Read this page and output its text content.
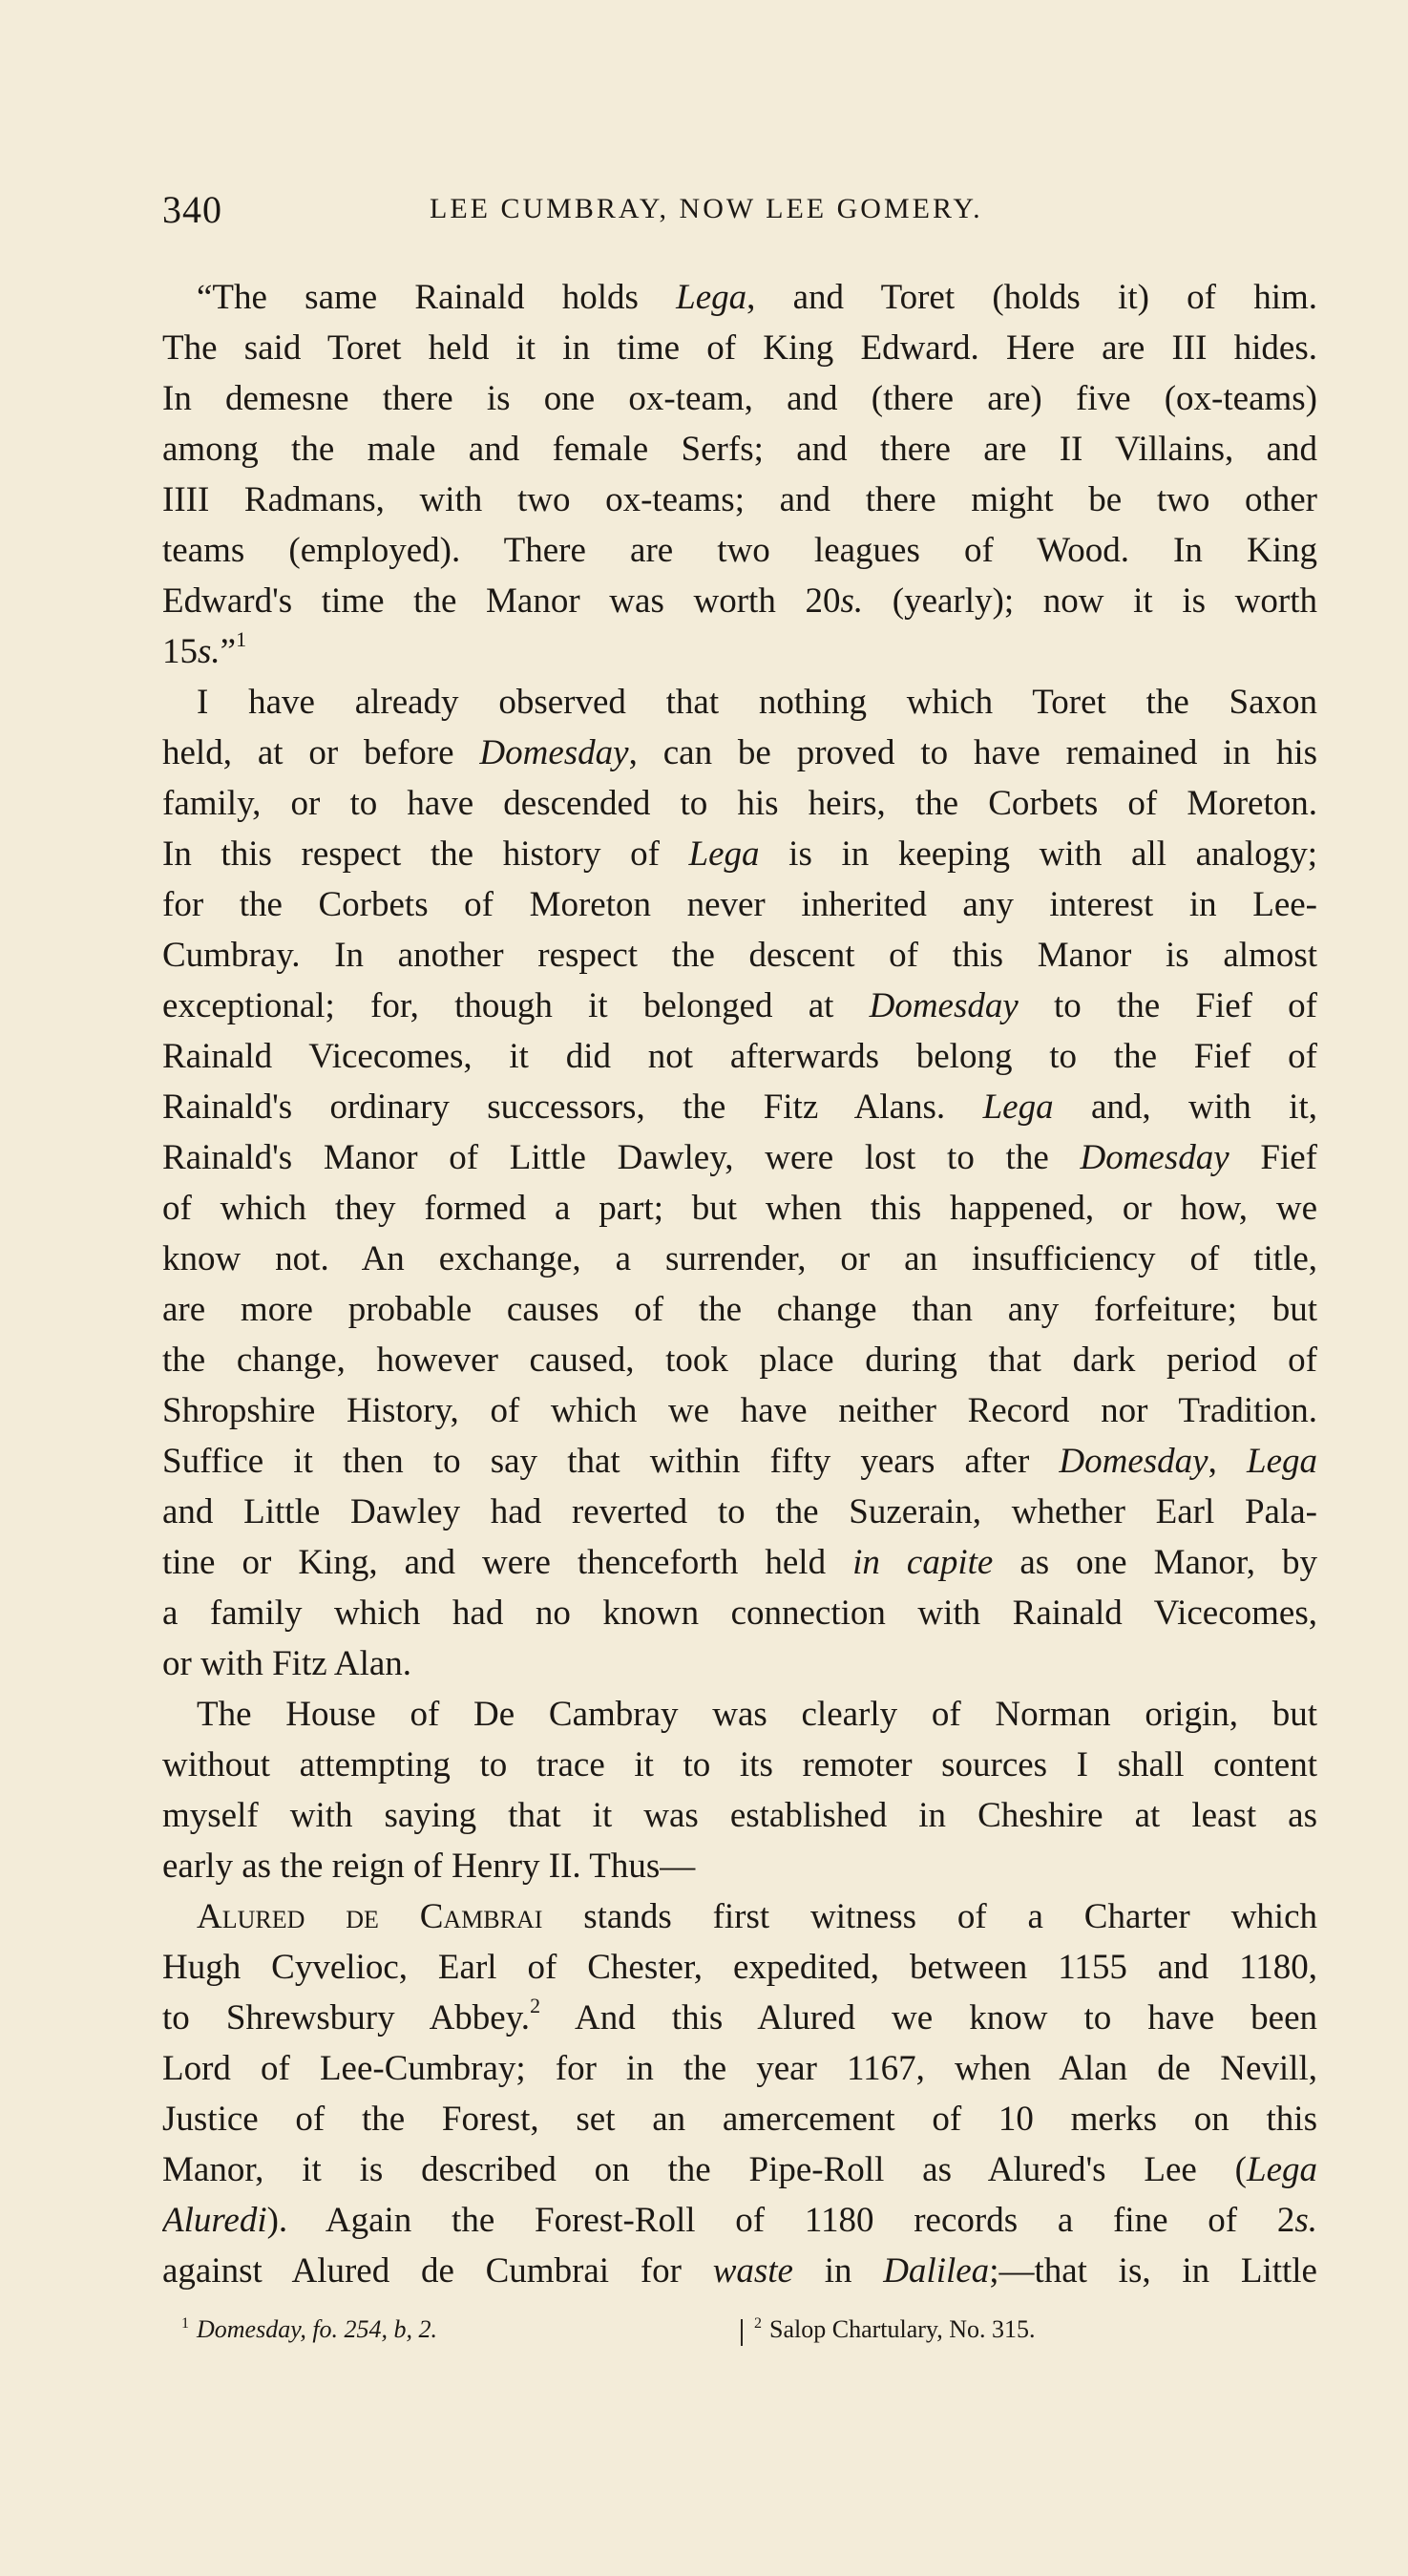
340	LEE CUMBRAY, NOW LEE GOMERY.
“The same Rainald holds Lega, and Toret (holds it) of him.
The said Toret held it in time of King Edward. Here are III hides.
In demesne there is one ox-team, and (there are) five (ox-teams)
among the male and female Serfs; and there are II Villains, and
IIII Radmans, with two ox-teams; and there might be two other
teams (employed). There are two leagues of Wood. In King
Edward's time the Manor was worth 20s. (yearly); now it is worth
15s.”$^1$
I have already observed that nothing which Toret the Saxon
held, at or before Domesday, can be proved to have remained in his
family, or to have descended to his heirs, the Corbets of Moreton.
In this respect the history of Lega is in keeping with all analogy;
for the Corbets of Moreton never inherited any interest in Lee-
Cumbray. In another respect the descent of this Manor is almost
exceptional; for, though it belonged at Domesday to the Fief of
Rainald Vicecomes, it did not afterwards belong to the Fief of
Rainald's ordinary successors, the Fitz Alans. Lega and, with it,
Rainald's Manor of Little Dawley, were lost to the Domesday Fief
of which they formed a part; but when this happened, or how, we
know not. An exchange, a surrender, or an insufficiency of title,
are more probable causes of the change than any forfeiture; but
the change, however caused, took place during that dark period of
Shropshire History, of which we have neither Record nor Tradition.
Suffice it then to say that within fifty years after Domesday, Lega
and Little Dawley had reverted to the Suzerain, whether Earl Pala-
tine or King, and were thenceforth held in capite as one Manor, by
a family which had no known connection with Rainald Vicecomes,
or with Fitz Alan.
The House of De Cambray was clearly of Norman origin, but
without attempting to trace it to its remoter sources I shall content
myself with saying that it was established in Cheshire at least as
early as the reign of Henry II. Thus—
Alured de Cambrai stands first witness of a Charter which
Hugh Cyvelioc, Earl of Chester, expedited, between 1155 and 1180,
to Shrewsbury Abbey.$^2$ And this Alured we know to have been
Lord of Lee-Cumbray; for in the year 1167, when Alan de Nevill,
Justice of the Forest, set an amercement of 10 merks on this
Manor, it is described on the Pipe-Roll as Alured's Lee (Lega
Aluredi). Again the Forest-Roll of 1180 records a fine of 2s.
against Alured de Cumbrai for waste in Dalilea;—that is, in Little
$^1$ Domesday, fo. 254, b, 2.	$^2$ Salop Chartulary, No. 315.
